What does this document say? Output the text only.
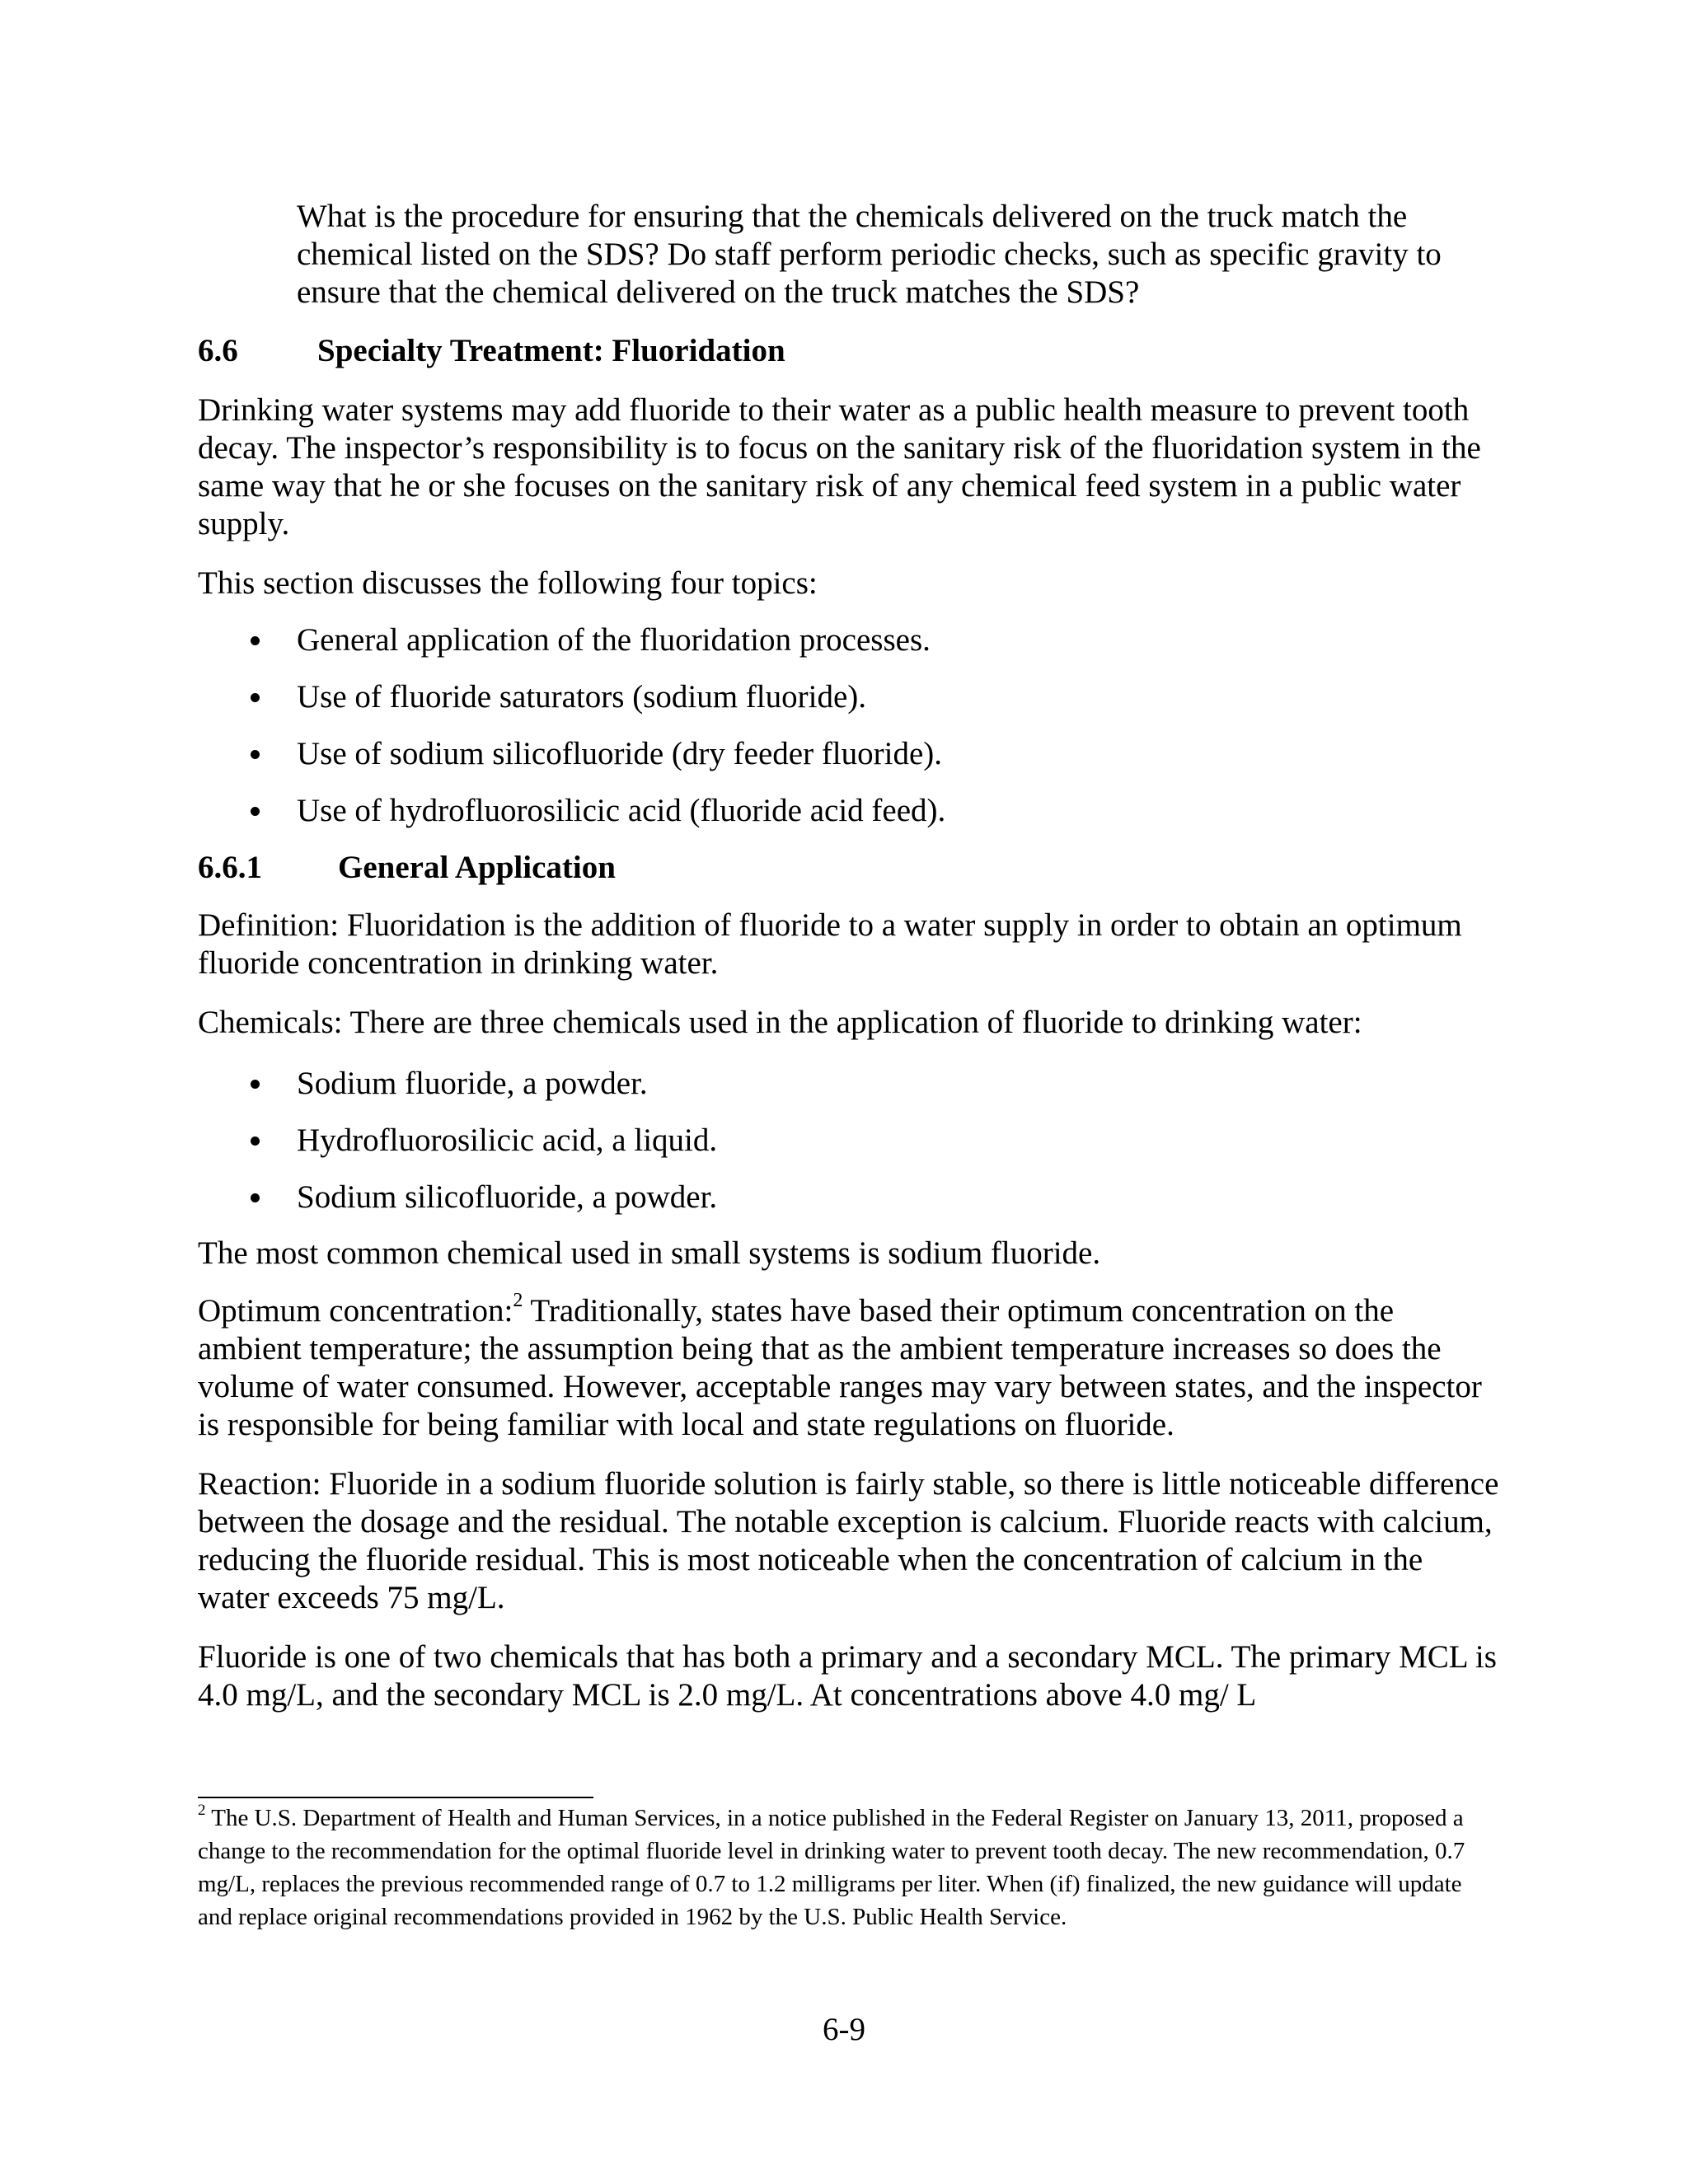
What is the procedure for ensuring that the chemicals delivered on the truck match the chemical listed on the SDS? Do staff perform periodic checks, such as specific gravity to ensure that the chemical delivered on the truck matches the SDS?

6.6	Specialty Treatment: Fluoridation

Drinking water systems may add fluoride to their water as a public health measure to prevent tooth decay. The inspector’s responsibility is to focus on the sanitary risk of the fluoridation system in the same way that he or she focuses on the sanitary risk of any chemical feed system in a public water supply.

This section discusses the following four topics:

General application of the fluoridation processes.
Use of fluoride saturators (sodium fluoride).
Use of sodium silicofluoride (dry feeder fluoride).
Use of hydrofluorosilicic acid (fluoride acid feed).
6.6.1	General Application

Definition: Fluoridation is the addition of fluoride to a water supply in order to obtain an optimum fluoride concentration in drinking water.

Chemicals: There are three chemicals used in the application of fluoride to drinking water:

Sodium fluoride, a powder.
Hydrofluorosilicic acid, a liquid.
Sodium silicofluoride, a powder.

The most common chemical used in small systems is sodium fluoride.

Optimum concentration:$^2$ Traditionally, states have based their optimum concentration on the ambient temperature; the assumption being that as the ambient temperature increases so does the volume of water consumed. However, acceptable ranges may vary between states, and the inspector is responsible for being familiar with local and state regulations on fluoride.

Reaction: Fluoride in a sodium fluoride solution is fairly stable, so there is little noticeable difference between the dosage and the residual. The notable exception is calcium. Fluoride reacts with calcium, reducing the fluoride residual. This is most noticeable when the concentration of calcium in the water exceeds 75 mg/L.

Fluoride is one of two chemicals that has both a primary and a secondary MCL. The primary MCL is 4.0 mg/L, and the secondary MCL is 2.0 mg/L. At concentrations above 4.0 mg/ L

$^2$ The U.S. Department of Health and Human Services, in a notice published in the Federal Register on January 13, 2011, proposed a change to the recommendation for the optimal fluoride level in drinking water to prevent tooth decay. The new recommendation, 0.7 mg/L, replaces the previous recommended range of 0.7 to 1.2 milligrams per liter. When (if) finalized, the new guidance will update and replace original recommendations provided in 1962 by the U.S. Public Health Service.

6-9
